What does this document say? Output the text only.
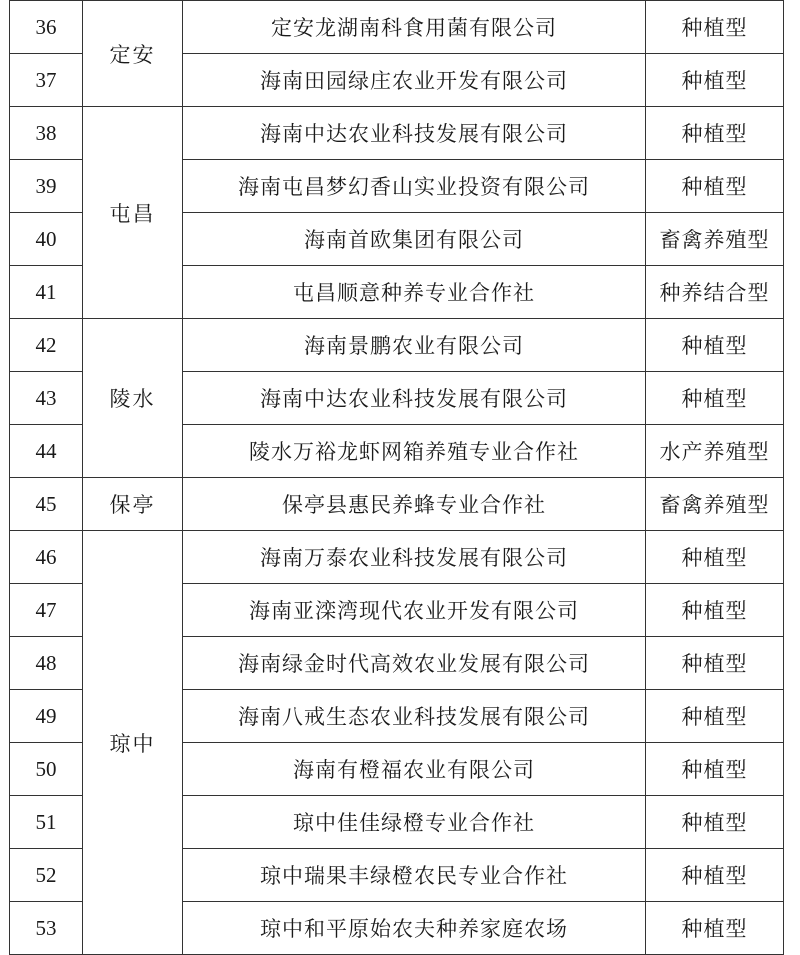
36	定安	定安龙湖南科食用菌有限公司	种植型
37		海南田园绿庄农业开发有限公司	种植型
38	屯昌	海南中达农业科技发展有限公司	种植型
39		海南屯昌梦幻香山实业投资有限公司	种植型
40		海南首欧集团有限公司	畜禽养殖型
41		屯昌顺意种养专业合作社	种养结合型
42	陵水	海南景鹏农业有限公司	种植型
43		海南中达农业科技发展有限公司	种植型
44		陵水万裕龙虾网箱养殖专业合作社	水产养殖型
45	保亭	保亭县惠民养蜂专业合作社	畜禽养殖型
46	琼中	海南万泰农业科技发展有限公司	种植型
47		海南亚滦湾现代农业开发有限公司	种植型
48		海南绿金时代高效农业发展有限公司	种植型
49		海南八戒生态农业科技发展有限公司	种植型
50		海南有橙福农业有限公司	种植型
51		琼中佳佳绿橙专业合作社	种植型
52		琼中瑞果丰绿橙农民专业合作社	种植型
53		琼中和平原始农夫种养家庭农场	种植型
